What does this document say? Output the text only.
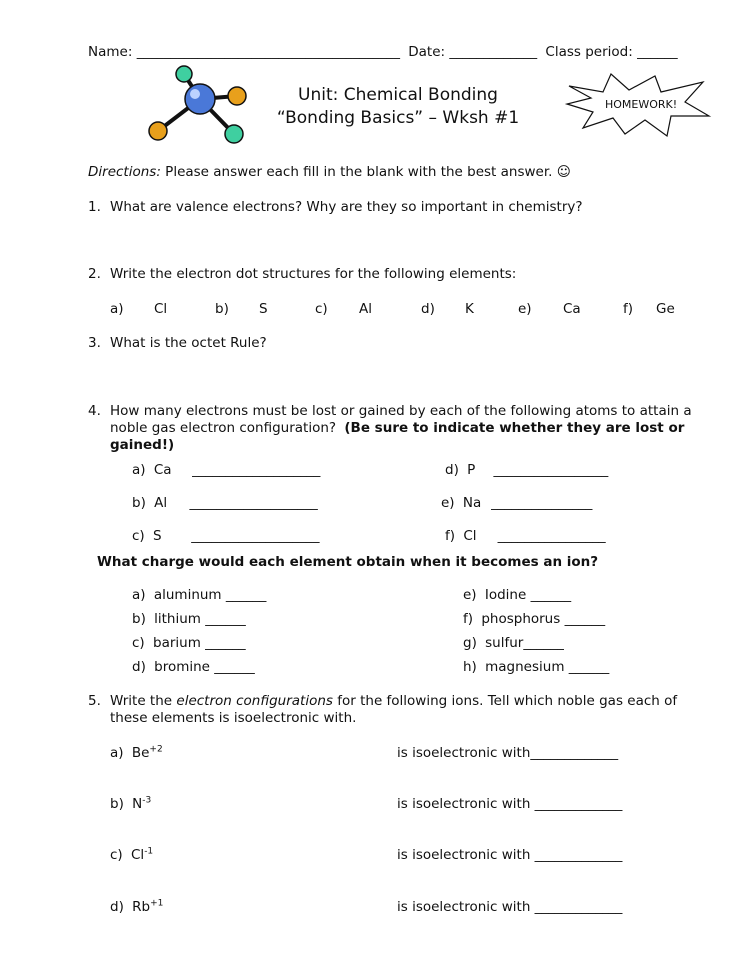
Name: _______________________________________ Date: _____________ Class period: ______
Unit: Chemical Bonding
“Bonding Basics” – Wksh #1
HOMEWORK!
Directions: Please answer each fill in the blank with the best answer. ☺
1. What are valence electrons? Why are they so important in chemistry?
2. Write the electron dot structures for the following elements:
a) Cl	b) S	c) Al	d) K	e) Ca	f) Ge
3. What is the octet Rule?
4. How many electrons must be lost or gained by each of the following atoms to attain a
noble gas electron configuration? (Be sure to indicate whether they are lost or
gained!)
a) Ca ___________________	d) P _________________
b) Al ___________________	e) Na _______________
c) S ___________________	f) Cl ________________
What charge would each element obtain when it becomes an ion?
a) aluminum ______	e) Iodine ______
b) lithium ______	f) phosphorus ______
c) barium ______	g) sulfur______
d) bromine ______	h) magnesium ______
5. Write the electron configurations for the following ions. Tell which noble gas each of
these elements is isoelectronic with.
a) $Be^{+2}$	is isoelectronic with_____________
b) $N^{-3}$	is isoelectronic with _____________
c) $Cl^{-1}$	is isoelectronic with _____________
d) $Rb^{+1}$	is isoelectronic with _____________
